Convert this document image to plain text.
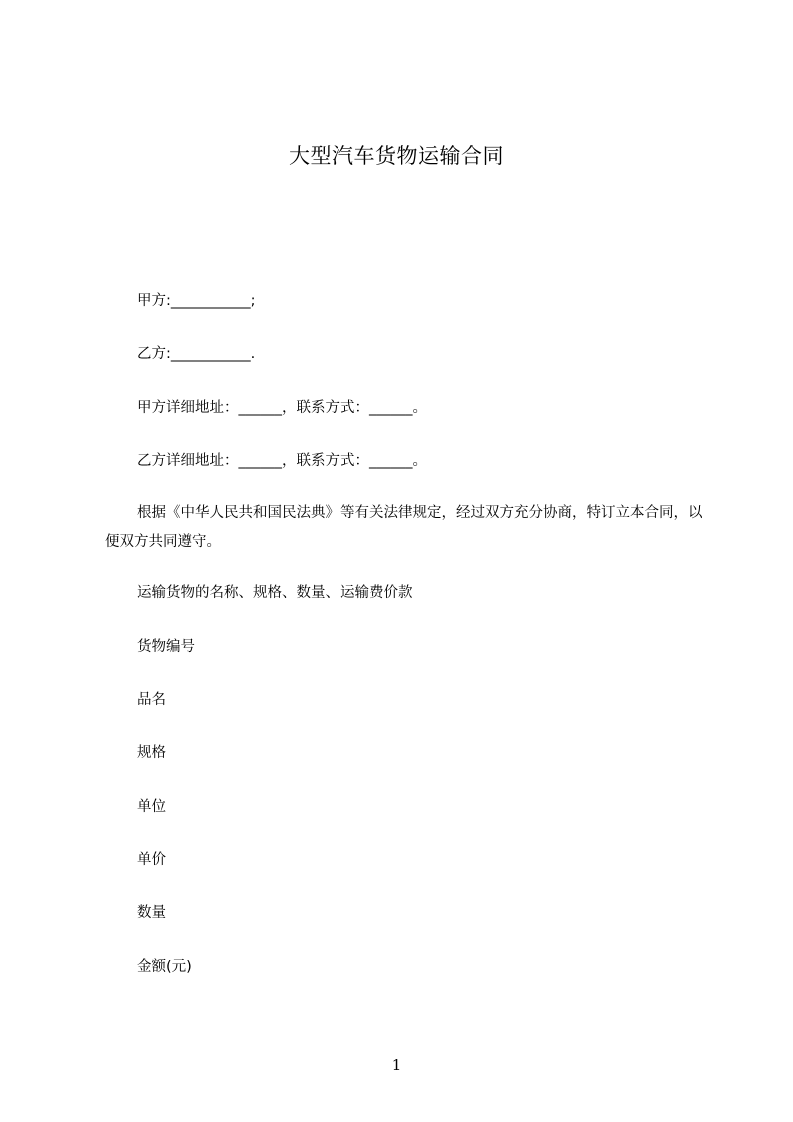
大型汽车货物运输合同
甲方:___________;
乙方:___________.
甲方详细地址：______，联系方式：______。
乙方详细地址：______，联系方式：______。
根据《中华人民共和国民法典》等有关法律规定，经过双方充分协商，特订立本合同，以便双方共同遵守。
运输货物的名称、规格、数量、运输费价款
货物编号
品名
规格
单位
单价
数量
金额(元)
1
